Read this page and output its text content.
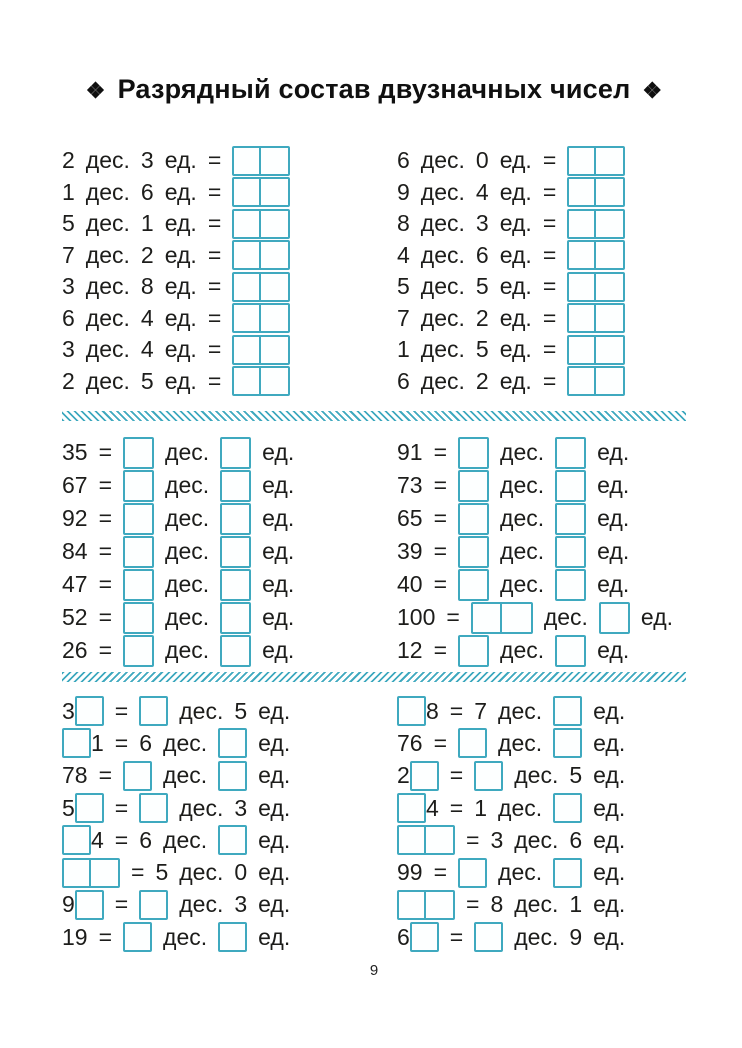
❖ Разрядный состав двузначных чисел ❖
2 дес. 3 ед. =
1 дес. 6 ед. =
5 дес. 1 ед. =
7 дес. 2 ед. =
3 дес. 8 ед. =
6 дес. 4 ед. =
3 дес. 4 ед. =
2 дес. 5 ед. =
6 дес. 0 ед. =
9 дес. 4 ед. =
8 дес. 3 ед. =
4 дес. 6 ед. =
5 дес. 5 ед. =
7 дес. 2 ед. =
1 дес. 5 ед. =
6 дес. 2 ед. =
35 = дес. ед.
67 = дес. ед.
92 = дес. ед.
84 = дес. ед.
47 = дес. ед.
52 = дес. ед.
26 = дес. ед.
91 = дес. ед.
73 = дес. ед.
65 = дес. ед.
39 = дес. ед.
40 = дес. ед.
100 =	дес. ед.
12 = дес. ед.
3 = дес. 5 ед.
1 = 6 дес. ед.
78 = дес. ед.
5 = дес. 3 ед.
4 = 6 дес. ед.
= 5 дес. 0 ед.
9 = дес. 3 ед.
19 = дес. ед.
8 = 7 дес. ед.
76 = дес. ед.
2 = дес. 5 ед.
4 = 1 дес. ед.
= 3 дес. 6 ед.
99 = дес. ед.
= 8 дес. 1 ед.
6 = дес. 9 ед.
9
